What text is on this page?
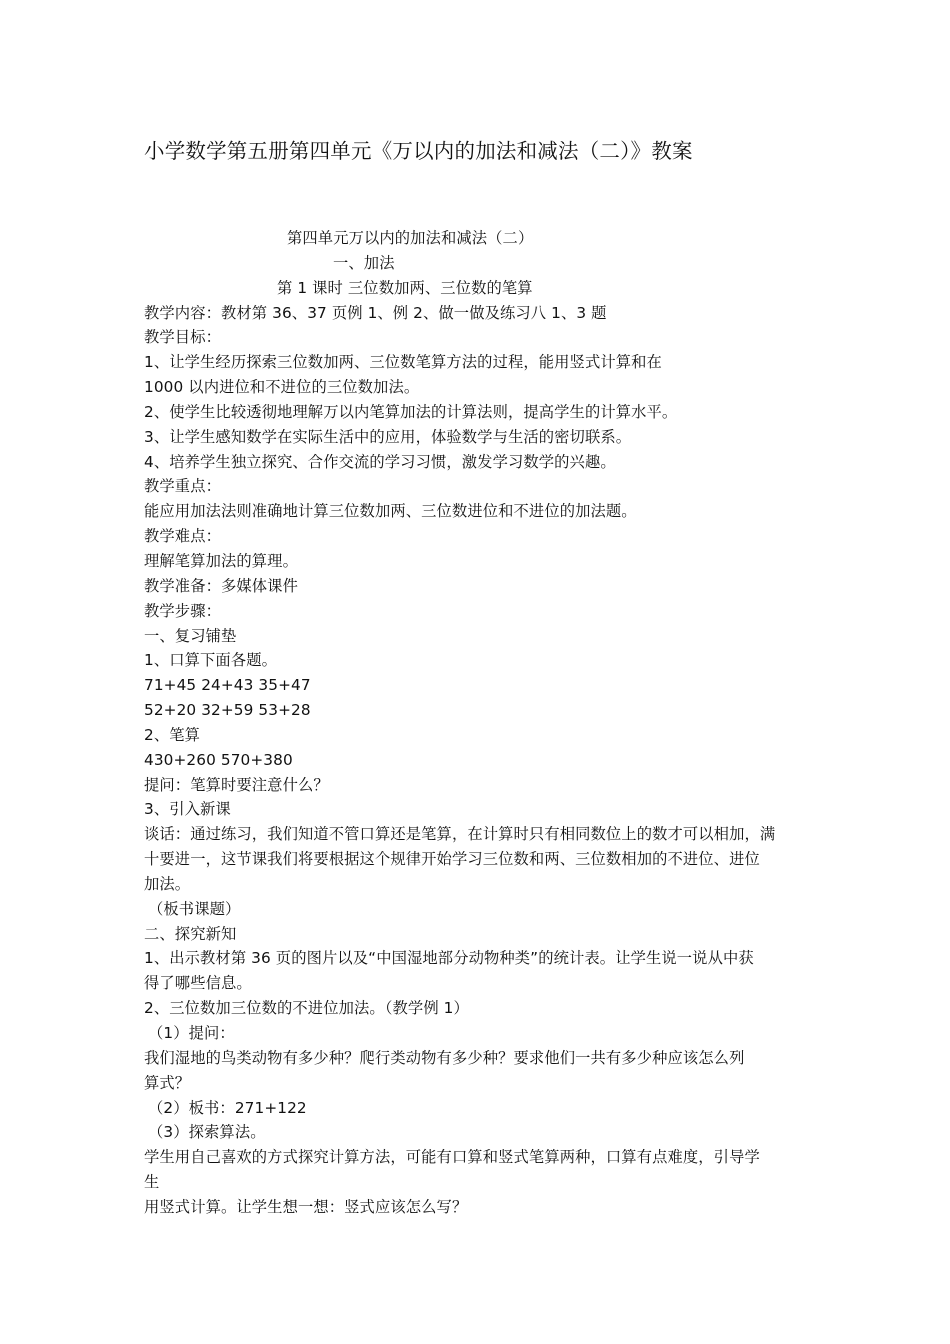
小学数学第五册第四单元《万以内的加法和减法（二）》教案

第四单元万以内的加法和减法（二）

一、加法

第 1 课时 三位数加两、三位数的笔算

教学内容：教材第 36、37 页例 1、例 2、做一做及练习八 1、3 题

教学目标：

1、让学生经历探索三位数加两、三位数笔算方法的过程，能用竖式计算和在

1000 以内进位和不进位的三位数加法。

2、使学生比较透彻地理解万以内笔算加法的计算法则，提高学生的计算水平。

3、让学生感知数学在实际生活中的应用，体验数学与生活的密切联系。

4、培养学生独立探究、合作交流的学习习惯，激发学习数学的兴趣。

教学重点：

能应用加法法则准确地计算三位数加两、三位数进位和不进位的加法题。

教学难点：

理解笔算加法的算理。

教学准备：多媒体课件

教学步骤：

一、复习铺垫

1、口算下面各题。

71+45 24+43 35+47

52+20 32+59 53+28

2、笔算

430+260 570+380

提问：笔算时要注意什么？

3、引入新课

谈话：通过练习，我们知道不管口算还是笔算，在计算时只有相同数位上的数才可以相加，满

十要进一，这节课我们将要根据这个规律开始学习三位数和两、三位数相加的不进位、进位

加法。

（板书课题）

二、探究新知

1、出示教材第 36 页的图片以及“中国湿地部分动物种类”的统计表。让学生说一说从中获

得了哪些信息。

2、三位数加三位数的不进位加法。（教学例 1）

（1）提问：

我们湿地的鸟类动物有多少种？爬行类动物有多少种？要求他们一共有多少种应该怎么列

算式？

（2）板书：271+122

（3）探索算法。

学生用自己喜欢的方式探究计算方法，可能有口算和竖式笔算两种，口算有点难度，引导学

生

用竖式计算。让学生想一想：竖式应该怎么写？
